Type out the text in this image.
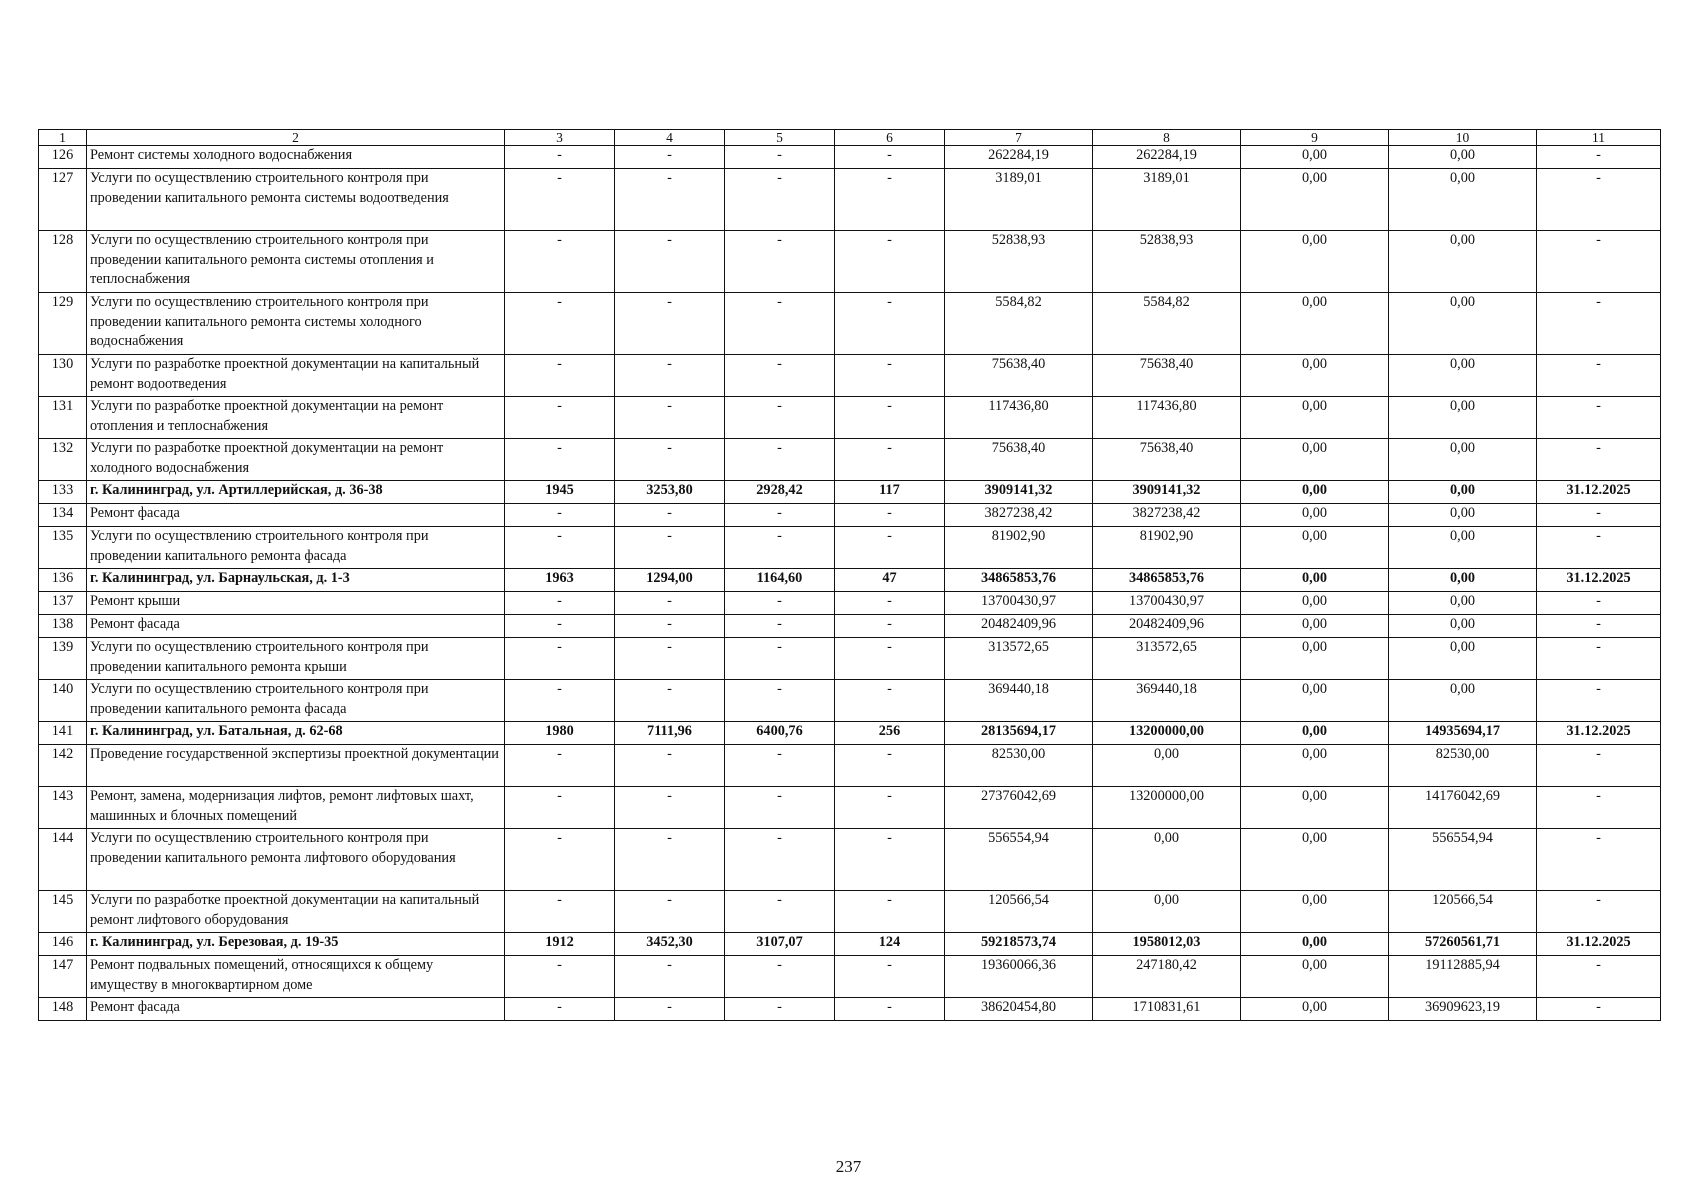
1	2	3	4	5	6	7	8	9	10	11
126	Ремонт системы холодного водоснабжения	-	-	-	-	262284,19	262284,19	0,00	0,00	-
127	Услуги по осуществлению строительного контроля при проведении капитального ремонта системы водоотведения	-	-	-	-	3189,01	3189,01	0,00	0,00	-
128	Услуги по осуществлению строительного контроля при проведении капитального ремонта системы отопления и теплоснабжения	-	-	-	-	52838,93	52838,93	0,00	0,00	-
129	Услуги по осуществлению строительного контроля при проведении капитального ремонта системы холодного водоснабжения	-	-	-	-	5584,82	5584,82	0,00	0,00	-
130	Услуги по разработке проектной документации на капитальный ремонт водоотведения	-	-	-	-	75638,40	75638,40	0,00	0,00	-
131	Услуги по разработке проектной документации на ремонт отопления и теплоснабжения	-	-	-	-	117436,80	117436,80	0,00	0,00	-
132	Услуги по разработке проектной документации на ремонт холодного водоснабжения	-	-	-	-	75638,40	75638,40	0,00	0,00	-
133	г. Калининград, ул. Артиллерийская, д. 36-38	1945	3253,80	2928,42	117	3909141,32	3909141,32	0,00	0,00	31.12.2025
134	Ремонт фасада	-	-	-	-	3827238,42	3827238,42	0,00	0,00	-
135	Услуги по осуществлению строительного контроля при проведении капитального ремонта фасада	-	-	-	-	81902,90	81902,90	0,00	0,00	-
136	г. Калининград, ул. Барнаульская, д. 1-3	1963	1294,00	1164,60	47	34865853,76	34865853,76	0,00	0,00	31.12.2025
137	Ремонт крыши	-	-	-	-	13700430,97	13700430,97	0,00	0,00	-
138	Ремонт фасада	-	-	-	-	20482409,96	20482409,96	0,00	0,00	-
139	Услуги по осуществлению строительного контроля при проведении капитального ремонта крыши	-	-	-	-	313572,65	313572,65	0,00	0,00	-
140	Услуги по осуществлению строительного контроля при проведении капитального ремонта фасада	-	-	-	-	369440,18	369440,18	0,00	0,00	-
141	г. Калининград, ул. Батальная, д. 62-68	1980	7111,96	6400,76	256	28135694,17	13200000,00	0,00	14935694,17	31.12.2025
142	Проведение государственной экспертизы проектной документации	-	-	-	-	82530,00	0,00	0,00	82530,00	-
143	Ремонт, замена, модернизация лифтов, ремонт лифтовых шахт, машинных и блочных помещений	-	-	-	-	27376042,69	13200000,00	0,00	14176042,69	-
144	Услуги по осуществлению строительного контроля при проведении капитального ремонта лифтового оборудования	-	-	-	-	556554,94	0,00	0,00	556554,94	-
145	Услуги по разработке проектной документации на капитальный ремонт лифтового оборудования	-	-	-	-	120566,54	0,00	0,00	120566,54	-
146	г. Калининград, ул. Березовая, д. 19-35	1912	3452,30	3107,07	124	59218573,74	1958012,03	0,00	57260561,71	31.12.2025
147	Ремонт подвальных помещений, относящихся к общему имуществу в многоквартирном доме	-	-	-	-	19360066,36	247180,42	0,00	19112885,94	-
148	Ремонт фасада	-	-	-	-	38620454,80	1710831,61	0,00	36909623,19	-
237
